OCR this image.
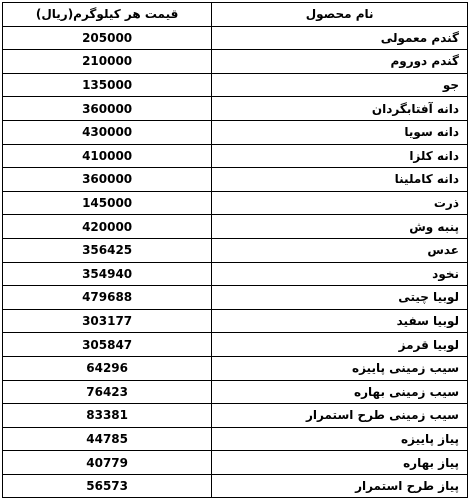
نام محصول	قیمت هر کیلوگرم(ریال)
گندم معمولی	205000
گندم دوروم	210000
جو	135000
دانه آفتابگردان	360000
دانه سویا	430000
دانه کلزا	410000
دانه کاملینا	360000
ذرت	145000
پنبه وش	420000
عدس	356425
نخود	354940
لوبیا چیتی	479688
لوبیا سفید	303177
لوبیا قرمز	305847
سیب زمینی پاییزه	64296
سیب زمینی بهاره	76423
سیب زمینی طرح استمرار	83381
پیاز پاییزه	44785
پیاز بهاره	40779
پیاز طرح استمرار	56573
